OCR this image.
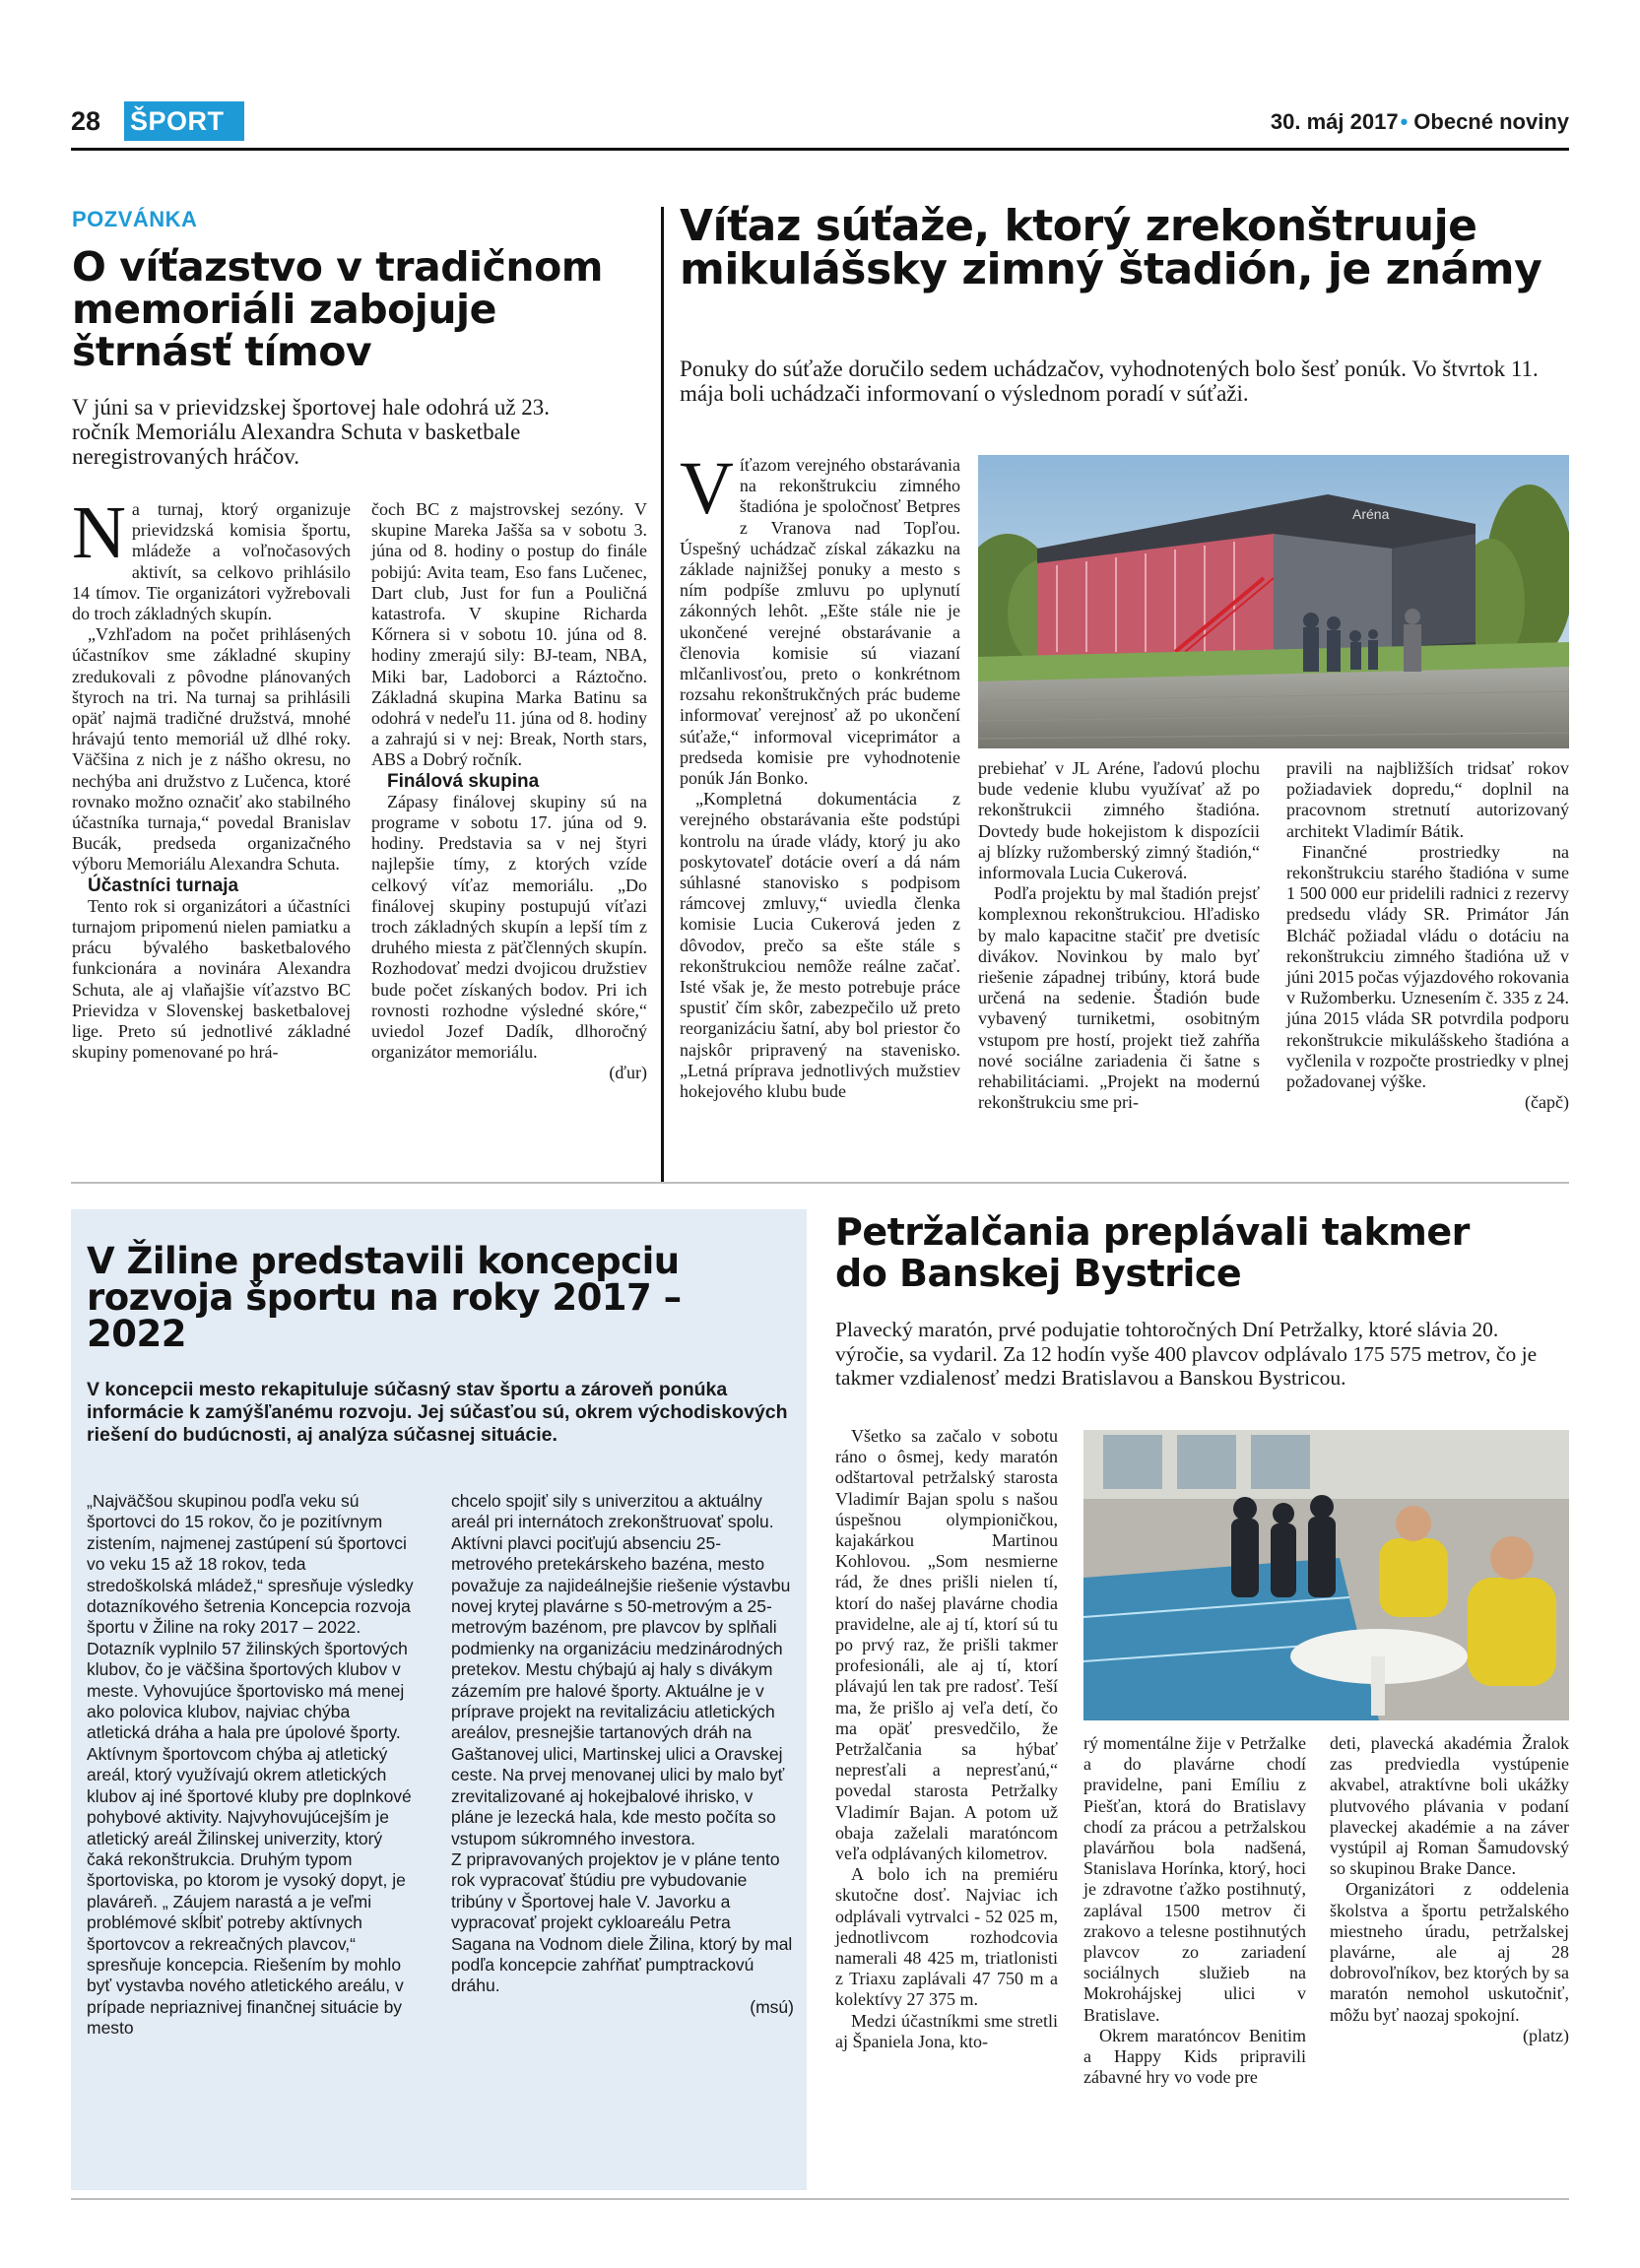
28 ŠPORT	30. máj 2017• Obecné noviny
POZVÁNKA
O víťazstvo v tradičnom memoriáli zabojuje štrnásť tímov
V júni sa v prievidzskej športovej hale odohrá už 23. ročník Memoriálu Alexandra Schuta v basketbale neregistrovaných hráčov.

Na turnaj, ktorý organizuje prievidzská komisia športu, mládeže a voľnočasových aktivít, sa celkovo prihlásilo 14 tímov. Tie organizátori vyžrebovali do troch základných skupín.

„Vzhľadom na počet prihlásených účastníkov sme základné skupiny zredukovali z pôvodne plánovaných štyroch na tri. Na turnaj sa prihlásili opäť najmä tradičné družstvá, mnohé hrávajú tento memoriál už dlhé roky. Väčšina z nich je z nášho okresu, no nechýba ani družstvo z Lučenca, ktoré rovnako možno označiť ako stabilného účastníka turnaja,“ povedal Branislav Bucák, predseda organizačného výboru Memoriálu Alexandra Schuta.

Účastníci turnaja

Tento rok si organizátori a účastníci turnajom pripomenú nielen pamiatku a prácu bývalého basketbalového funkcionára a novinára Alexandra Schuta, ale aj vlaňajšie víťazstvo BC Prievidza v Slovenskej basketbalovej lige. Preto sú jednotlivé základné skupiny pomenované po hrá-

čoch BC z majstrovskej sezóny. V skupine Mareka Jašša sa v sobotu 3. júna od 8. hodiny o postup do finále pobijú: Avita team, Eso fans Lučenec, Dart club, Just for fun a Pouličná katastrofa. V skupine Richarda Kőrnera si v sobotu 10. júna od 8. hodiny zmerajú sily: BJ-team, NBA, Miki bar, Ladoborci a Ráztočno. Základná skupina Marka Batinu sa odohrá v nedeľu 11. júna od 8. hodiny a zahrajú si v nej: Break, North stars, ABS a Dobrý ročník.

Finálová skupina

Zápasy finálovej skupiny sú na programe v sobotu 17. júna od 9. hodiny. Predstavia sa v nej štyri najlepšie tímy, z ktorých vzíde celkový víťaz memoriálu. „Do finálovej skupiny postupujú víťazi troch základných skupín a lepší tím z druhého miesta z päťčlenných skupín. Rozhodovať medzi dvojicou družstiev bude počet získaných bodov. Pri ich rovnosti rozhodne výsledné skóre,“ uviedol Jozef Dadík, dlhoročný organizátor memoriálu.

(ďur)

Víťaz súťaže, ktorý zrekonštruuje mikulášsky zimný štadión, je známy
Ponuky do súťaže doručilo sedem uchádzačov, vyhodnotených bolo šesť ponúk. Vo štvrtok 11. mája boli uchádzači informovaní o výslednom poradí v súťaži.

Víťazom verejného obstarávania na rekonštrukciu zimného štadióna je spoločnosť Betpres z Vranova nad Topľou. Úspešný uchádzač získal zákazku na základe najnižšej ponuky a mesto s ním podpíše zmluvu po uplynutí zákonných lehôt. „Ešte stále nie je ukončené verejné obstarávanie a členovia komisie sú viazaní mlčanlivosťou, preto o konkrétnom rozsahu rekonštrukčných prác budeme informovať verejnosť až po ukončení súťaže,“ informoval viceprimátor a predseda komisie pre vyhodnotenie ponúk Ján Bonko.

„Kompletná dokumentácia z verejného obstarávania ešte podstúpi kontrolu na úrade vlády, ktorý ju ako poskytovateľ dotácie overí a dá nám súhlasné stanovisko s podpisom rámcovej zmluvy,“ uviedla členka komisie Lucia Cukerová jeden z dôvodov, prečo sa ešte stále s rekonštrukciou nemôže reálne začať. Isté však je, že mesto potrebuje práce spustiť čím skôr, zabezpečilo už preto reorganizáciu šatní, aby bol priestor čo najskôr pripravený na stavenisko. „Letná príprava jednotlivých mužstiev hokejového klubu bude

Aréna

prebiehať v JL Aréne, ľadovú plochu bude vedenie klubu využívať až po rekonštrukcii zimného štadióna. Dovtedy bude hokejistom k dispozícii aj blízky ružomberský zimný štadión,“ informovala Lucia Cukerová.

Podľa projektu by mal štadión prejsť komplexnou rekonštrukciou. Hľadisko by malo kapacitne stačiť pre dvetisíc divákov. Novinkou by malo byť riešenie západnej tribúny, ktorá bude určená na sedenie. Štadión bude vybavený turniketmi, osobitným vstupom pre hostí, projekt tiež zahŕňa nové sociálne zariadenia či šatne s rehabilitáciami. „Projekt na modernú rekonštrukciu sme pri-

pravili na najbližších tridsať rokov požiadaviek dopredu,“ doplnil na pracovnom stretnutí autorizovaný architekt Vladimír Bátik.

Finančné prostriedky na rekonštrukciu starého štadióna v sume 1 500 000 eur pridelili radnici z rezervy predsedu vlády SR. Primátor Ján Blcháč požiadal vládu o dotáciu na rekonštrukciu zimného štadióna už v júni 2015 počas výjazdového rokovania v Ružomberku. Uznesením č. 335 z 24. júna 2015 vláda SR potvrdila podporu rekonštrukcie mikulášskeho štadióna a vyčlenila v rozpočte prostriedky v plnej požadovanej výške.

(čapč)

V Žiline predstavili koncepciu rozvoja športu na roky 2017 – 2022
V koncepcii mesto rekapituluje súčasný stav športu a zároveň ponúka informácie k zamýšľanému rozvoju. Jej súčasťou sú, okrem východiskových riešení do budúcnosti, aj analýza súčasnej situácie.

„Najväčšou skupinou podľa veku sú športovci do 15 rokov, čo je pozitívnym zistením, najmenej zastúpení sú športovci vo veku 15 až 18 rokov, teda stredoškolská mládež,“ spresňuje výsledky dotazníkového šetrenia Koncepcia rozvoja športu v Žiline na roky 2017 – 2022. Dotazník vyplnilo 57 žilinských športových klubov, čo je väčšina športových klubov v meste. Vyhovujúce športovisko má menej ako polovica klubov, najviac chýba atletická dráha a hala pre úpolové športy. Aktívnym športovcom chýba aj atletický areál, ktorý využívajú okrem atletických klubov aj iné športové kluby pre doplnkové pohybové aktivity. Najvyhovujúcejším je atletický areál Žilinskej univerzity, ktorý čaká rekonštrukcia. Druhým typom športoviska, po ktorom je vysoký dopyt, je plaváreň. „ Záujem narastá a je veľmi problémové skĺbiť potreby aktívnych športovcov a rekreačných plavcov,“ spresňuje koncepcia. Riešením by mohlo byť vystavba nového atletického areálu, v prípade nepriaznivej finančnej situácie by mesto

chcelo spojiť sily s univerzitou a aktuálny areál pri internátoch zrekonštruovať spolu. Aktívni plavci pociťujú absenciu 25-metrového pretekárskeho bazéna, mesto považuje za najideálnejšie riešenie výstavbu novej krytej plavárne s 50-metrovým a 25-metrovým bazénom, pre plavcov by splňali podmienky na organizáciu medzinárodných pretekov. Mestu chýbajú aj haly s divákym zázemím pre halové športy. Aktuálne je v príprave projekt na revitalizáciu atletických areálov, presnejšie tartanových dráh na Gaštanovej ulici, Martinskej ulici a Oravskej ceste. Na prvej menovanej ulici by malo byť zrevitalizované aj hokejbalové ihrisko, v pláne je lezecká hala, kde mesto počíta so vstupom súkromného investora.

Z pripravovaných projektov je v pláne tento rok vypracovať štúdiu pre vybudovanie tribúny v Športovej hale V. Javorku a vypracovať projekt cykloareálu Petra Sagana na Vodnom diele Žilina, ktorý by mal podľa koncepcie zahŕňať pumptrackovú dráhu.

(msú)

Petržalčania preplávali takmer do Banskej Bystrice
Plavecký maratón, prvé podujatie tohtoročných Dní Petržalky, ktoré slávia 20. výročie, sa vydaril. Za 12 hodín vyše 400 plavcov odplávalo 175 575 metrov, čo je takmer vzdialenosť medzi Bratislavou a Banskou Bystricou.

Všetko sa začalo v sobotu ráno o ôsmej, kedy maratón odštartoval petržalský starosta Vladimír Bajan spolu s našou úspešnou olympioničkou, kajakárkou Martinou Kohlovou. „Som nesmierne rád, že dnes prišli nielen tí, ktorí do našej plavárne chodia pravidelne, ale aj tí, ktorí sú tu po prvý raz, že prišli takmer profesionáli, ale aj tí, ktorí plávajú len tak pre radosť. Teší ma, že prišlo aj veľa detí, čo ma opäť presvedčilo, že Petržalčania sa hýbať nepresťali a nepresťanú,“ povedal starosta Petržalky Vladimír Bajan. A potom už obaja zaželali maratóncom veľa odplávaných kilometrov.

A bolo ich na premiéru skutočne dosť. Najviac ich odplávali vytrvalci - 52 025 m, jednotlivcom rozhodcovia namerali 48 425 m, triatlonisti z Triaxu zaplávali 47 750 m a kolektívy 27 375 m.

Medzi účastníkmi sme stretli aj Španiela Jona, kto-

rý momentálne žije v Petržalke a do plavárne chodí pravidelne, pani Emíliu z Piešťan, ktorá do Bratislavy chodí za prácou a petržalskou plavárňou bola nadšená, Stanislava Horínka, ktorý, hoci je zdravotne ťažko postihnutý, zaplával 1500 metrov či zrakovo a telesne postihnutých plavcov zo zariadení sociálnych služieb na Mokrohájskej ulici v Bratislave.

Okrem maratóncov Benitim a Happy Kids pripravili zábavné hry vo vode pre

deti, plavecká akadémia Žralok zas predviedla vystúpenie akvabel, atraktívne boli ukážky plutvového plávania v podaní plaveckej akadémie a na záver vystúpil aj Roman Šamudovský so skupinou Brake Dance.

Organizátori z oddelenia školstva a športu petržalského miestneho úradu, petržalskej plavárne, ale aj 28 dobrovoľníkov, bez ktorých by sa maratón nemohol uskutočniť, môžu byť naozaj spokojní.

(platz)
